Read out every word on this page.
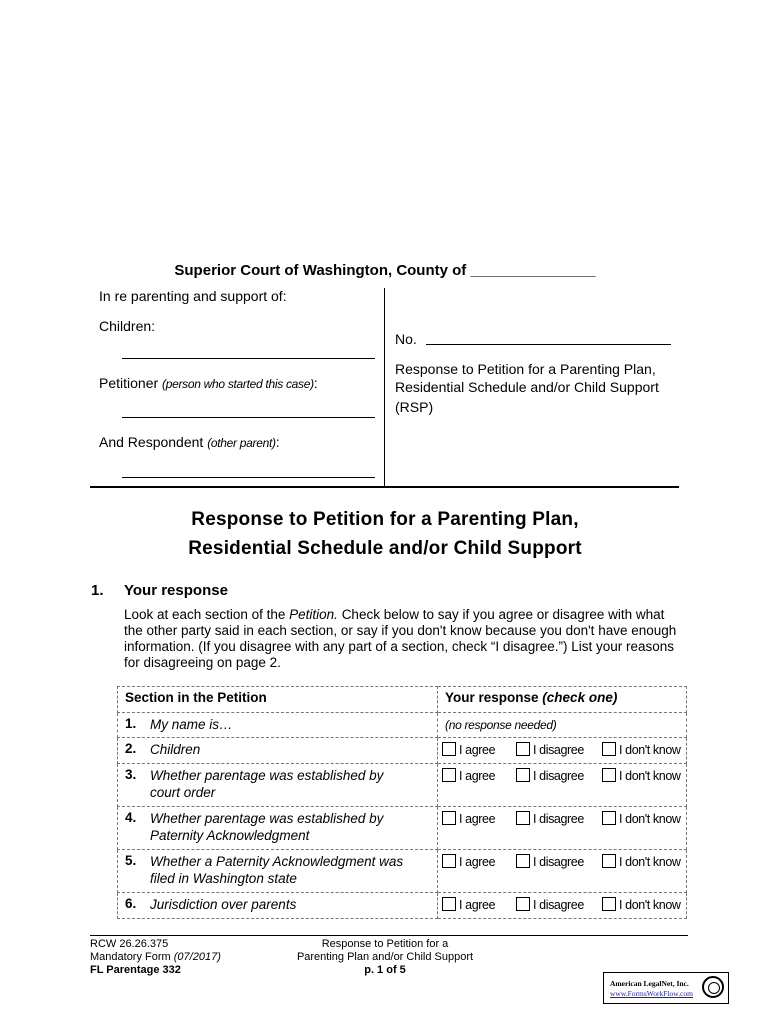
Superior Court of Washington, County of _______________
In re parenting and support of:
Children:
Petitioner (person who started this case):
And Respondent (other parent):
No.
Response to Petition for a Parenting Plan,
Residential Schedule and/or Child Support
(RSP)
Response to Petition for a Parenting Plan,
Residential Schedule and/or Child Support
1. Your response
Look at each section of the Petition. Check below to say if you agree or disagree with what the other party said in each section, or say if you don't know because you don't have enough information. (If you disagree with any part of a section, check “I disagree.”) List your reasons for disagreeing on page 2.
Section in the Petition	Your response (check one)
1. My name is…	(no response needed)
2. Children	I agree I disagree I don't know
3. Whether parentage was established by court order	I agree I disagree I don't know
4. Whether parentage was established by Paternity Acknowledgment	I agree I disagree I don't know
5. Whether a Paternity Acknowledgment was filed in Washington state	I agree I disagree I don't know
6. Jurisdiction over parents	I agree I disagree I don't know
RCW 26.26.375
Mandatory Form (07/2017)
FL Parentage 332
Response to Petition for a
Parenting Plan and/or Child Support
p. 1 of 5
American LegalNet, Inc.
www.FormsWorkFlow.com
